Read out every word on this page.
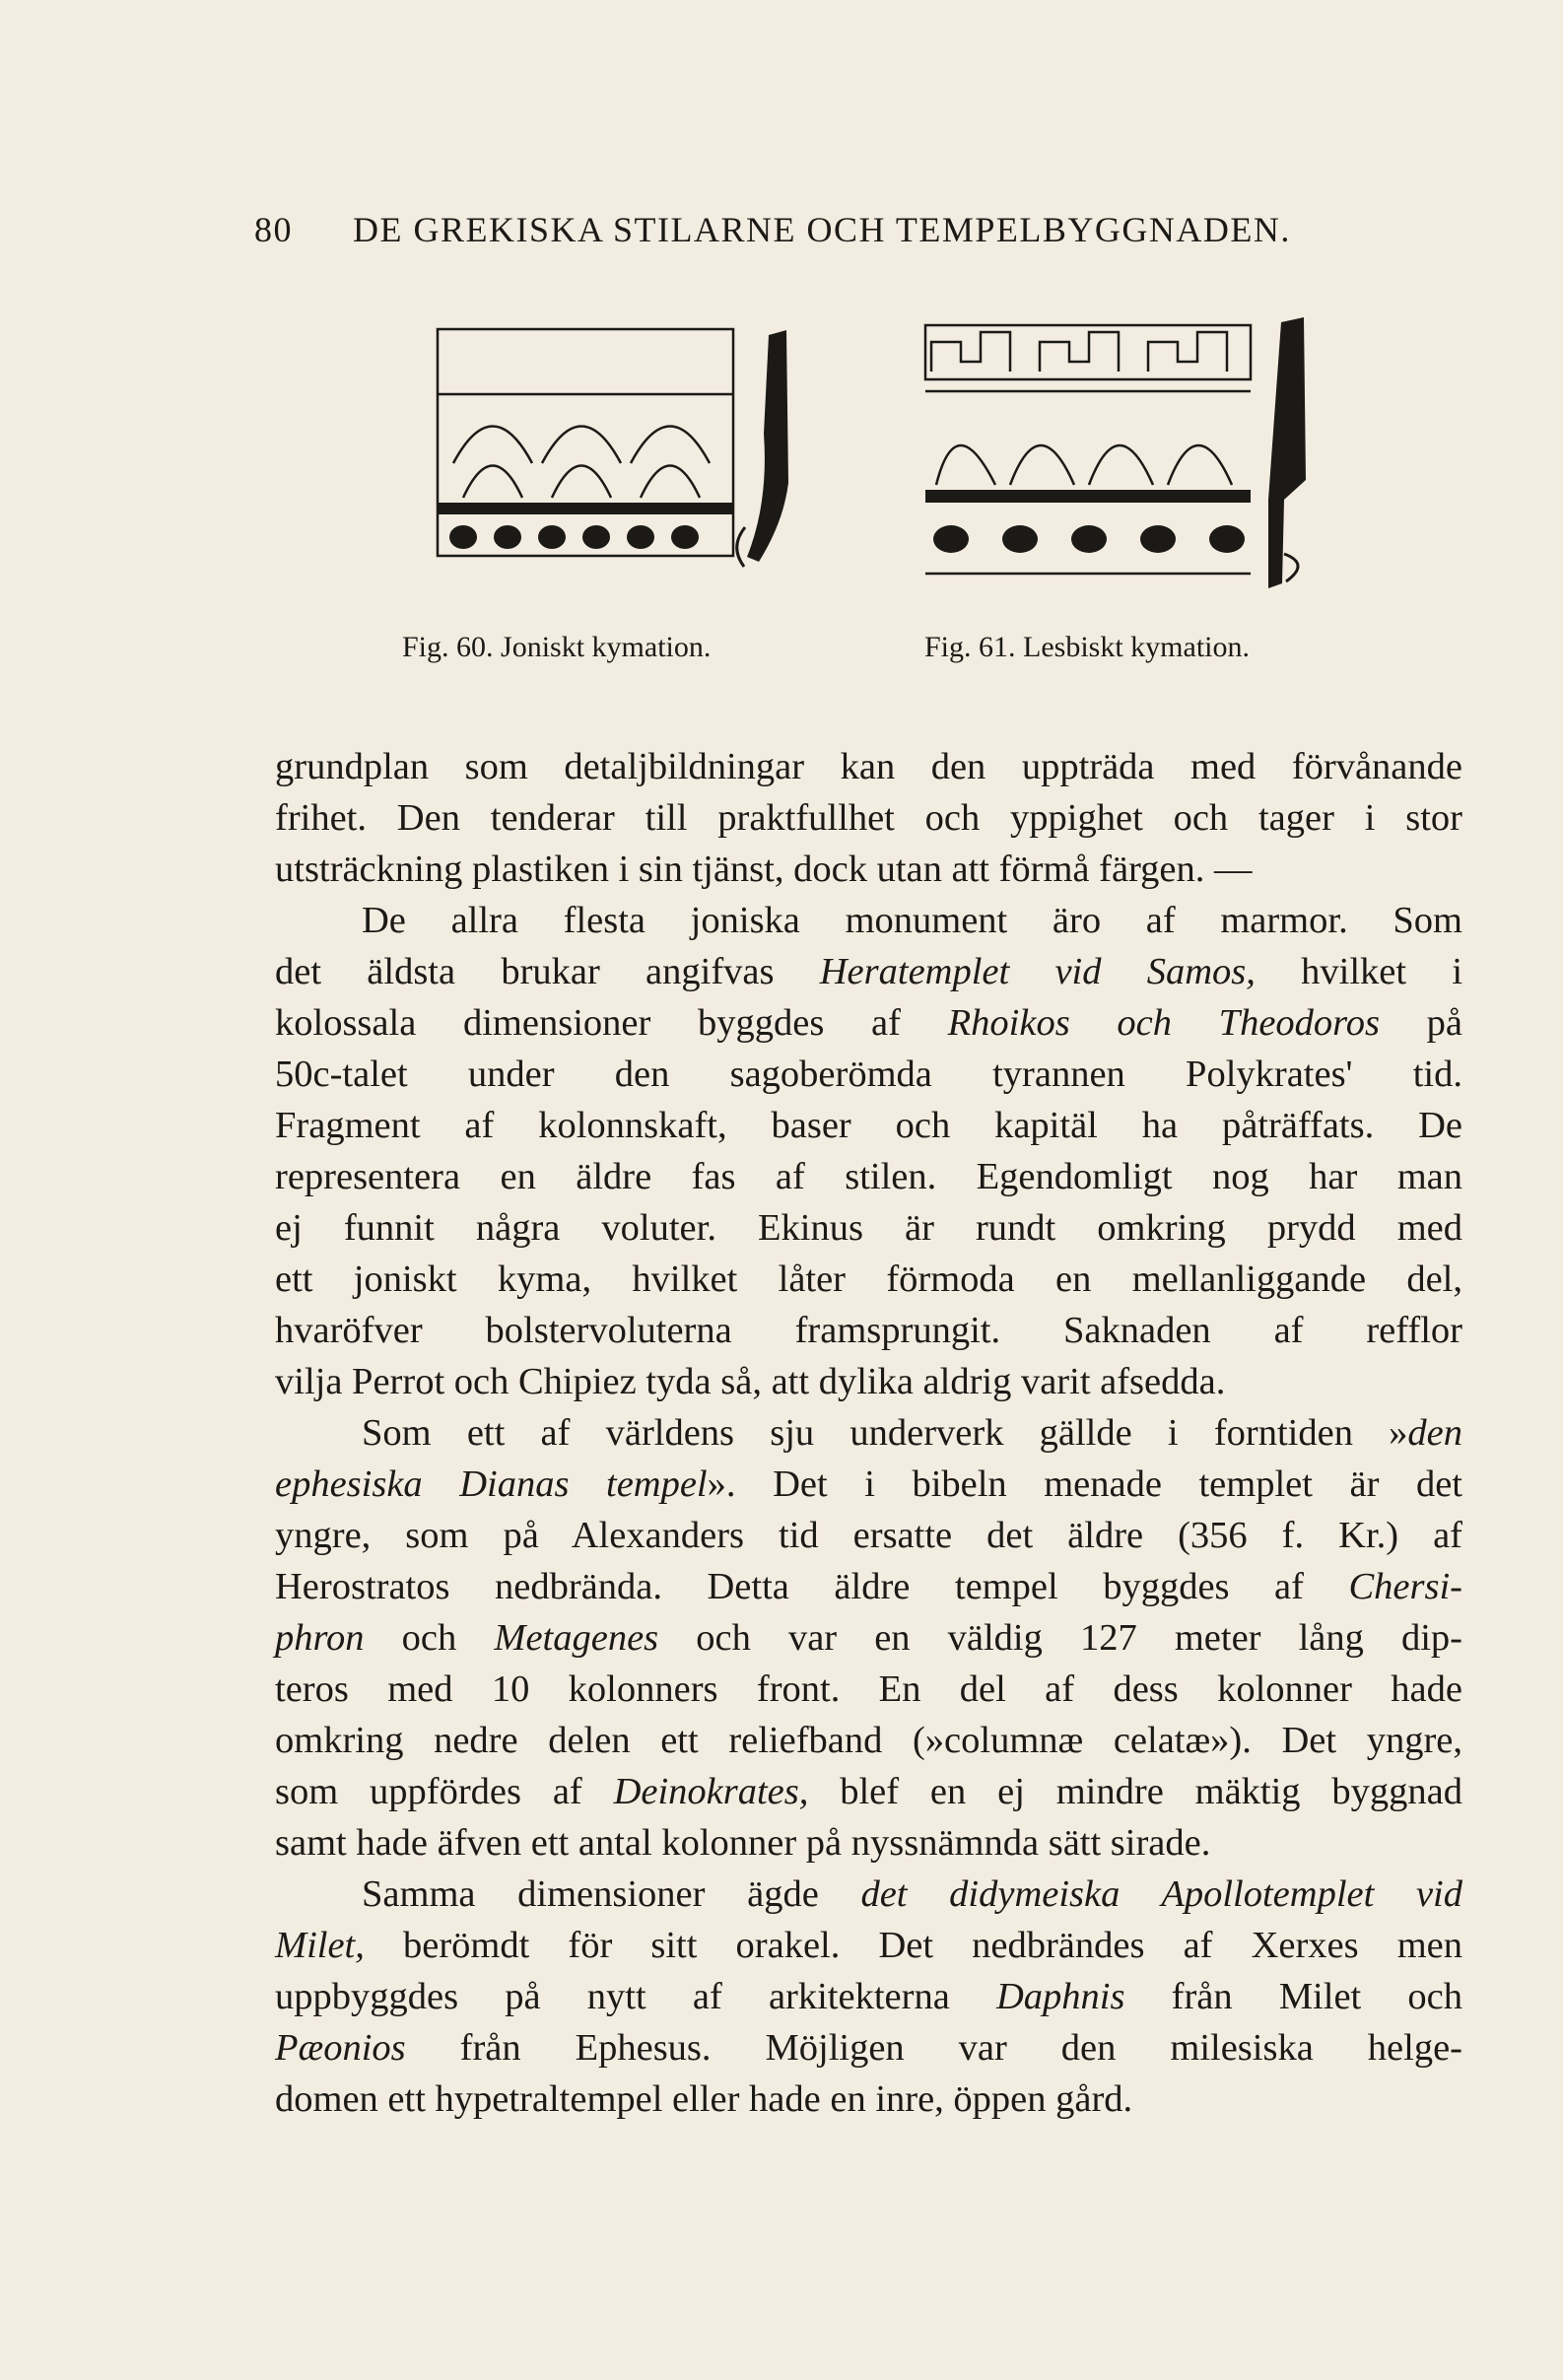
80 DE GREKISKA STILARNE OCH TEMPELBYGGNADEN.
Fig. 60. Joniskt kymation.	Fig. 61. Lesbiskt kymation.
grundplan som detaljbildningar kan den uppträda med förvånande
frihet. Den tenderar till praktfullhet och yppighet och tager i stor
utsträckning plastiken i sin tjänst, dock utan att förmå färgen. —
De allra flesta joniska monument äro af marmor. Som
det äldsta brukar angifvas Heratemplet vid Samos, hvilket i
kolossala dimensioner byggdes af Rhoikos och Theodoros på
50c-talet under den sagoberömda tyrannen Polykrates' tid.
Fragment af kolonnskaft, baser och kapitäl ha påträffats. De
representera en äldre fas af stilen. Egendomligt nog har man
ej funnit några voluter. Ekinus är rundt omkring prydd med
ett joniskt kyma, hvilket låter förmoda en mellanliggande del,
hvaröfver bolstervoluterna framsprungit. Saknaden af refflor
vilja Perrot och Chipiez tyda så, att dylika aldrig varit afsedda.
Som ett af världens sju underverk gällde i forntiden »den
ephesiska Dianas tempel». Det i bibeln menade templet är det
yngre, som på Alexanders tid ersatte det äldre (356 f. Kr.) af
Herostratos nedbrända. Detta äldre tempel byggdes af Chersi-
phron och Metagenes och var en väldig 127 meter lång dip-
teros med 10 kolonners front. En del af dess kolonner hade
omkring nedre delen ett reliefband (»columnæ celatæ»). Det yngre,
som uppfördes af Deinokrates, blef en ej mindre mäktig byggnad
samt hade äfven ett antal kolonner på nyssnämnda sätt sirade.
Samma dimensioner ägde det didymeiska Apollotemplet vid
Milet, berömdt för sitt orakel. Det nedbrändes af Xerxes men
uppbyggdes på nytt af arkitekterna Daphnis från Milet och
Pæonios från Ephesus. Möjligen var den milesiska helge-
domen ett hypetraltempel eller hade en inre, öppen gård.
